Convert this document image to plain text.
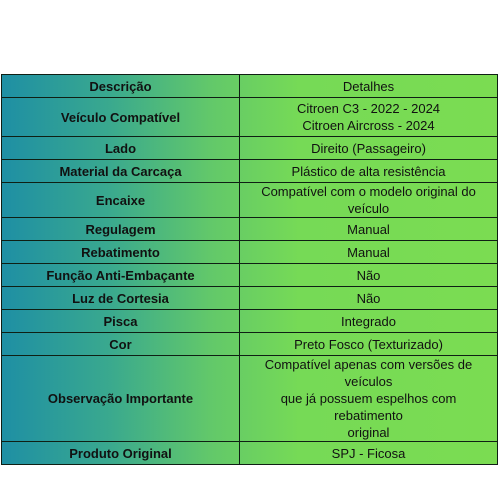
Descrição	Detalhes
Veículo Compatível	Citroen C3 - 2022 - 2024
Citroen Aircross - 2024

Lado	Direito (Passageiro)
Material da Carcaça	Plástico de alta resistência
Encaixe	Compatível com o modelo original do veículo
Regulagem	Manual
Rebatimento	Manual
Função Anti-Embaçante	Não
Luz de Cortesia	Não
Pisca	Integrado
Cor	Preto Fosco (Texturizado)
Observação Importante	Compatível apenas com versões de veículos
que já possuem espelhos com rebatimento
original

Produto Original	SPJ - Ficosa
